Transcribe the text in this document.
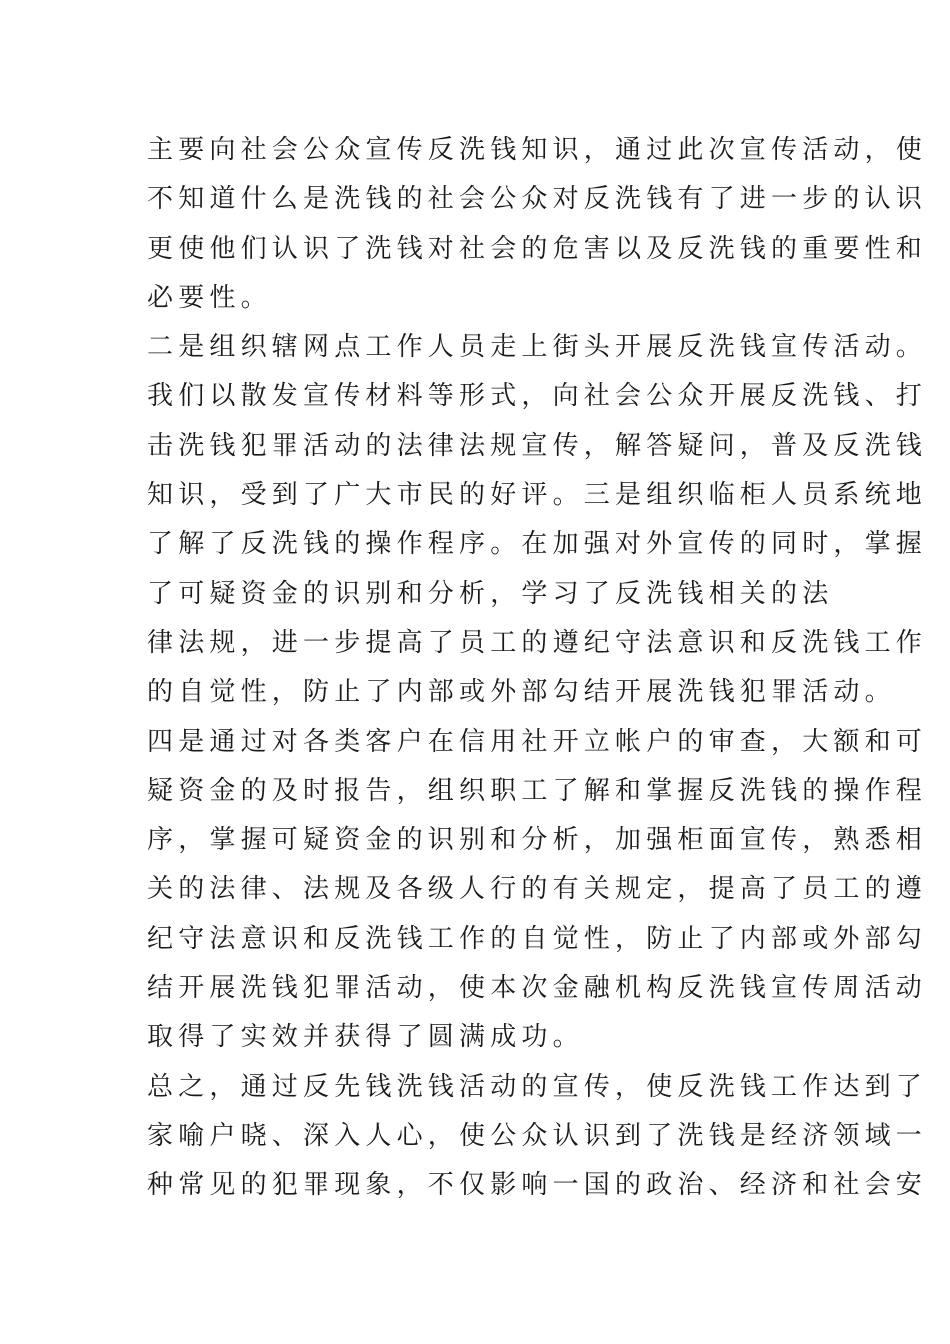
主要向社会公众宣传反洗钱知识，通过此次宣传活动，使
不知道什么是洗钱的社会公众对反洗钱有了进一步的认识
更使他们认识了洗钱对社会的危害以及反洗钱的重要性和
必要性。
二是组织辖网点工作人员走上街头开展反洗钱宣传活动。
我们以散发宣传材料等形式，向社会公众开展反洗钱、打
击洗钱犯罪活动的法律法规宣传，解答疑问，普及反洗钱
知识，受到了广大市民的好评。三是组织临柜人员系统地
了解了反洗钱的操作程序。在加强对外宣传的同时，掌握
了可疑资金的识别和分析，学习了反洗钱相关的法
律法规，进一步提高了员工的遵纪守法意识和反洗钱工作
的自觉性，防止了内部或外部勾结开展洗钱犯罪活动。
四是通过对各类客户在信用社开立帐户的审查，大额和可
疑资金的及时报告，组织职工了解和掌握反洗钱的操作程
序，掌握可疑资金的识别和分析，加强柜面宣传，熟悉相
关的法律、法规及各级人行的有关规定，提高了员工的遵
纪守法意识和反洗钱工作的自觉性，防止了内部或外部勾
结开展洗钱犯罪活动，使本次金融机构反洗钱宣传周活动
取得了实效并获得了圆满成功。
总之，通过反先钱洗钱活动的宣传，使反洗钱工作达到了
家喻户晓、深入人心，使公众认识到了洗钱是经济领域一
种常见的犯罪现象，不仅影响一国的政治、经济和社会安
